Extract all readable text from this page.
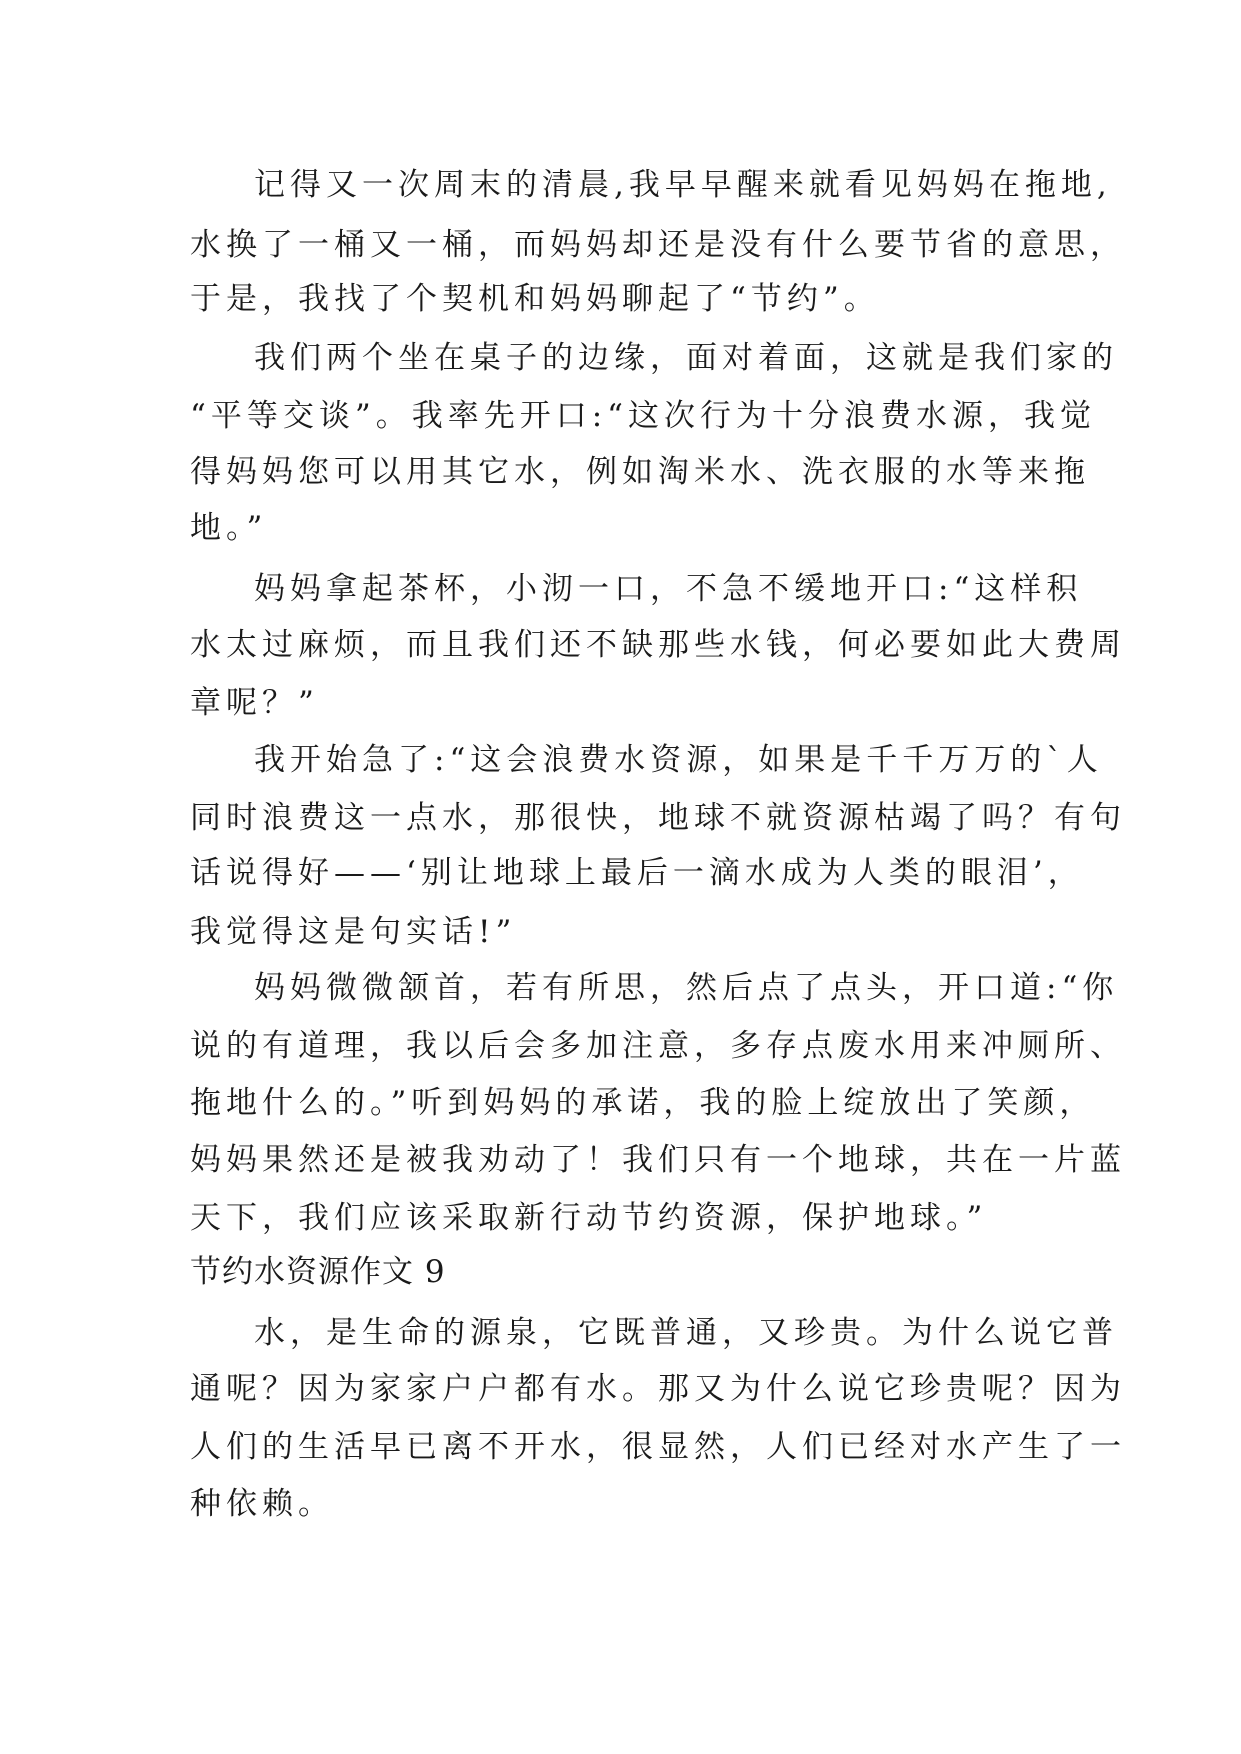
记得又一次周末的清晨,我早早醒来就看见妈妈在拖地,
水换了一桶又一桶，而妈妈却还是没有什么要节省的意思，
于是，我找了个契机和妈妈聊起了“节约”。
我们两个坐在桌子的边缘，面对着面，这就是我们家的
“平等交谈”。我率先开口:“这次行为十分浪费水源，我觉
得妈妈您可以用其它水，例如淘米水、洗衣服的水等来拖
地。”
妈妈拿起茶杯，小沏一口，不急不缓地开口:“这样积
水太过麻烦，而且我们还不缺那些水钱，何必要如此大费周
章呢？”
我开始急了:“这会浪费水资源，如果是千千万万的`人
同时浪费这一点水，那很快，地球不就资源枯竭了吗？有句
话说得好——‘别让地球上最后一滴水成为人类的眼泪’，
我觉得这是句实话!”
妈妈微微颔首，若有所思，然后点了点头，开口道:“你
说的有道理，我以后会多加注意，多存点废水用来冲厕所、
拖地什么的。”听到妈妈的承诺，我的脸上绽放出了笑颜，
妈妈果然还是被我劝动了！我们只有一个地球，共在一片蓝
天下，我们应该采取新行动节约资源，保护地球。”
节约水资源作文 9
水，是生命的源泉，它既普通，又珍贵。为什么说它普
通呢？因为家家户户都有水。那又为什么说它珍贵呢？因为
人们的生活早已离不开水，很显然，人们已经对水产生了一
种依赖。
